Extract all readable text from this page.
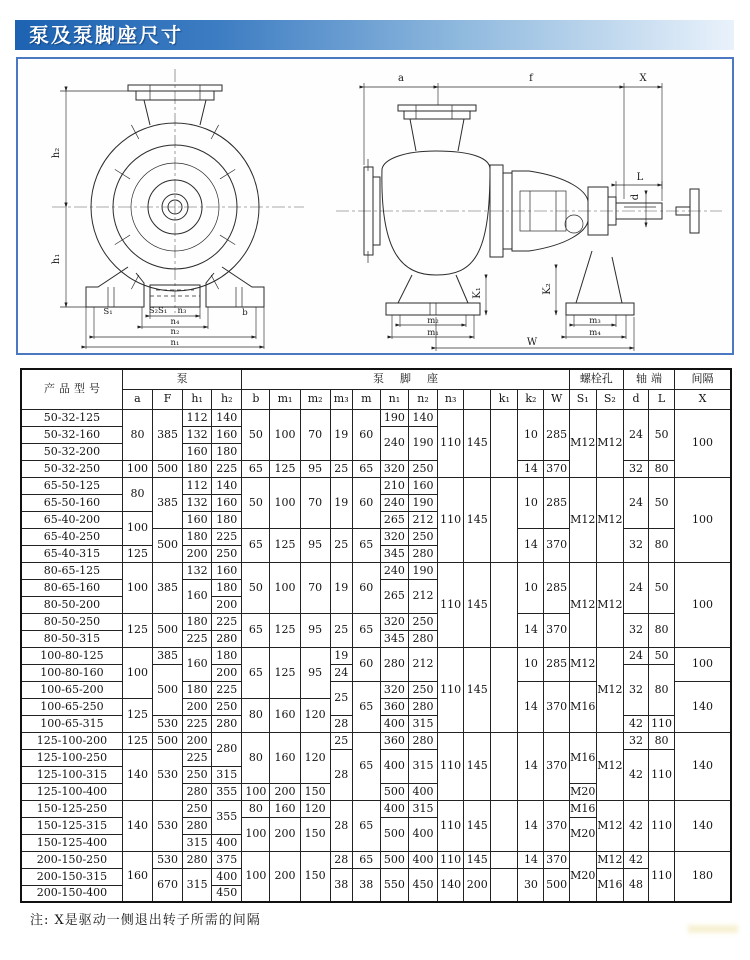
泵及泵脚座尺寸
h₂
h₁
S₁	S₂S₁ n₃	b
n₄
n₂
n₁
a	f	X
L
d
K₁	K₂
m₂
m₁
m₃
m₄
W
产品型号	泵				泵脚座												螺栓孔		轴端		间隔
	a	F	h₁	h₂	b	m₁	m₂	m₃	m	n₁	n₂	n₃		k₁	k₂	W	S₁	S₂	d	L	X
50-32-125	80	385	112	140	50	100	70	19	60	190	140	110	145		10	285	M12	M12	24	50	100
50-32-160			132	160						240	190										
50-32-200			160	180																	
50-32-250	100	500	180	225	65	125	95	25	65	320	250				14	370			32	80	
65-50-125	80	385	112	140	50	100	70	19	60	210	160	110	145		10	285	M12	M12	24	50	100
65-50-160			132	160						240	190										
65-40-200	100		160	180						265	212										
65-40-250		500	180	225	65	125	95	25	65	320	250				14	370			32	80	
65-40-315	125		200	250						345	280										
80-65-125	100	385	132	160	50	100	70	19	60	240	190	110	145		10	285	M12	M12	24	50	100
80-65-160			160	180						265	212										
80-50-200				200																	
80-50-250	125	500	180	225	65	125	95	25	65	320	250				14	370			32	80	
80-50-315			225	280						345	280										
100-80-125	100	385	160	180	65	125	95	19	60	280	212	110	145		10	285	M12	M12	24	50	100
100-80-160		500		200				24											32	80	
100-65-200			180	225				25	65	320	250				14	370	M16				140
100-65-250	125		200	250	80	160	120			360	280										
100-65-315		530	225	280				28		400	315								42	110	
125-100-200	125	500	200	280	80	160	120	25	65	360	280	110	145		14	370	M16	M12	32	80	140
125-100-250	140	530	225					28		400	315								42	110	
125-100-315			250	315																	
125-100-400			280	355	100	200	150			500	400						M20				
150-125-250	140	530	250	355	80	160	120	28	65	400	315	110	145		14	370	M16	M12	42	110	140
150-125-315			280		100	200	150			500	400						M20				
150-125-400			315	400																	
200-150-250	160	530	280	375	100	200	150	28	65	500	400	110	145		14	370	M20	M12	42	110	180
200-150-315		670	315	400				38	38	550	450	140	200		30	500		M16	48		
200-150-400				450																	
注: X是驱动一侧退出转子所需的间隔
